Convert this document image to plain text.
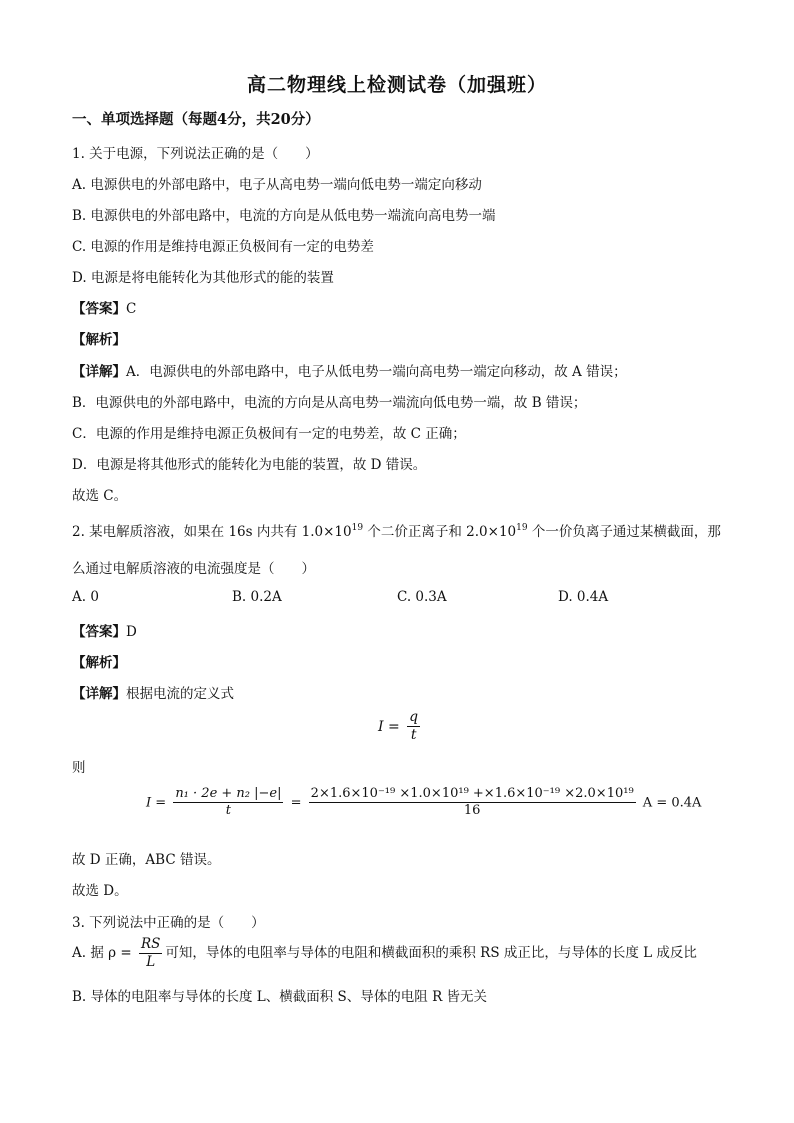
高二物理线上检测试卷（加强班）
一、单项选择题（每题4分，共20分）
1. 关于电源，下列说法正确的是（　　）
A. 电源供电的外部电路中，电子从高电势一端向低电势一端定向移动
B. 电源供电的外部电路中，电流的方向是从低电势一端流向高电势一端
C. 电源的作用是维持电源正负极间有一定的电势差
D. 电源是将电能转化为其他形式的能的装置
【答案】C
【解析】
【详解】A．电源供电的外部电路中，电子从低电势一端向高电势一端定向移动，故 A 错误；
B．电源供电的外部电路中，电流的方向是从高电势一端流向低电势一端，故 B 错误；
C．电源的作用是维持电源正负极间有一定的电势差，故 C 正确；
D．电源是将其他形式的能转化为电能的装置，故 D 错误。
故选 C。
2. 某电解质溶液，如果在 16s 内共有 $1.0\times 10^{19}$ 个二价正离子和 $2.0\times 10^{19}$ 个一价负离子通过某横截面，那
么通过电解质溶液的电流强度是（　　）
A. 0	B. 0.2A	C. 0.3A	D. 0.4A
【答案】D
【解析】
【详解】根据电流的定义式
$I = \frac{q}{t}$
则
$I = \frac{\text{n₁ · 2e + n₂ |−e|}}{t} = \frac{\text{2×1.6×10⁻¹⁹ ×1.0×10¹⁹ +×1.6×10⁻¹⁹ ×2.0×10¹⁹}}{16}$ A = 0.4A
故 D 正确，ABC 错误。
故选 D。
3. 下列说法中正确的是（　　）
A. 据 $\rho = \frac{RS}{L}$ 可知，导体的电阻率与导体的电阻和横截面积的乘积 RS 成正比，与导体的长度 L 成反比
B. 导体的电阻率与导体的长度 L、横截面积 S、导体的电阻 R 皆无关
